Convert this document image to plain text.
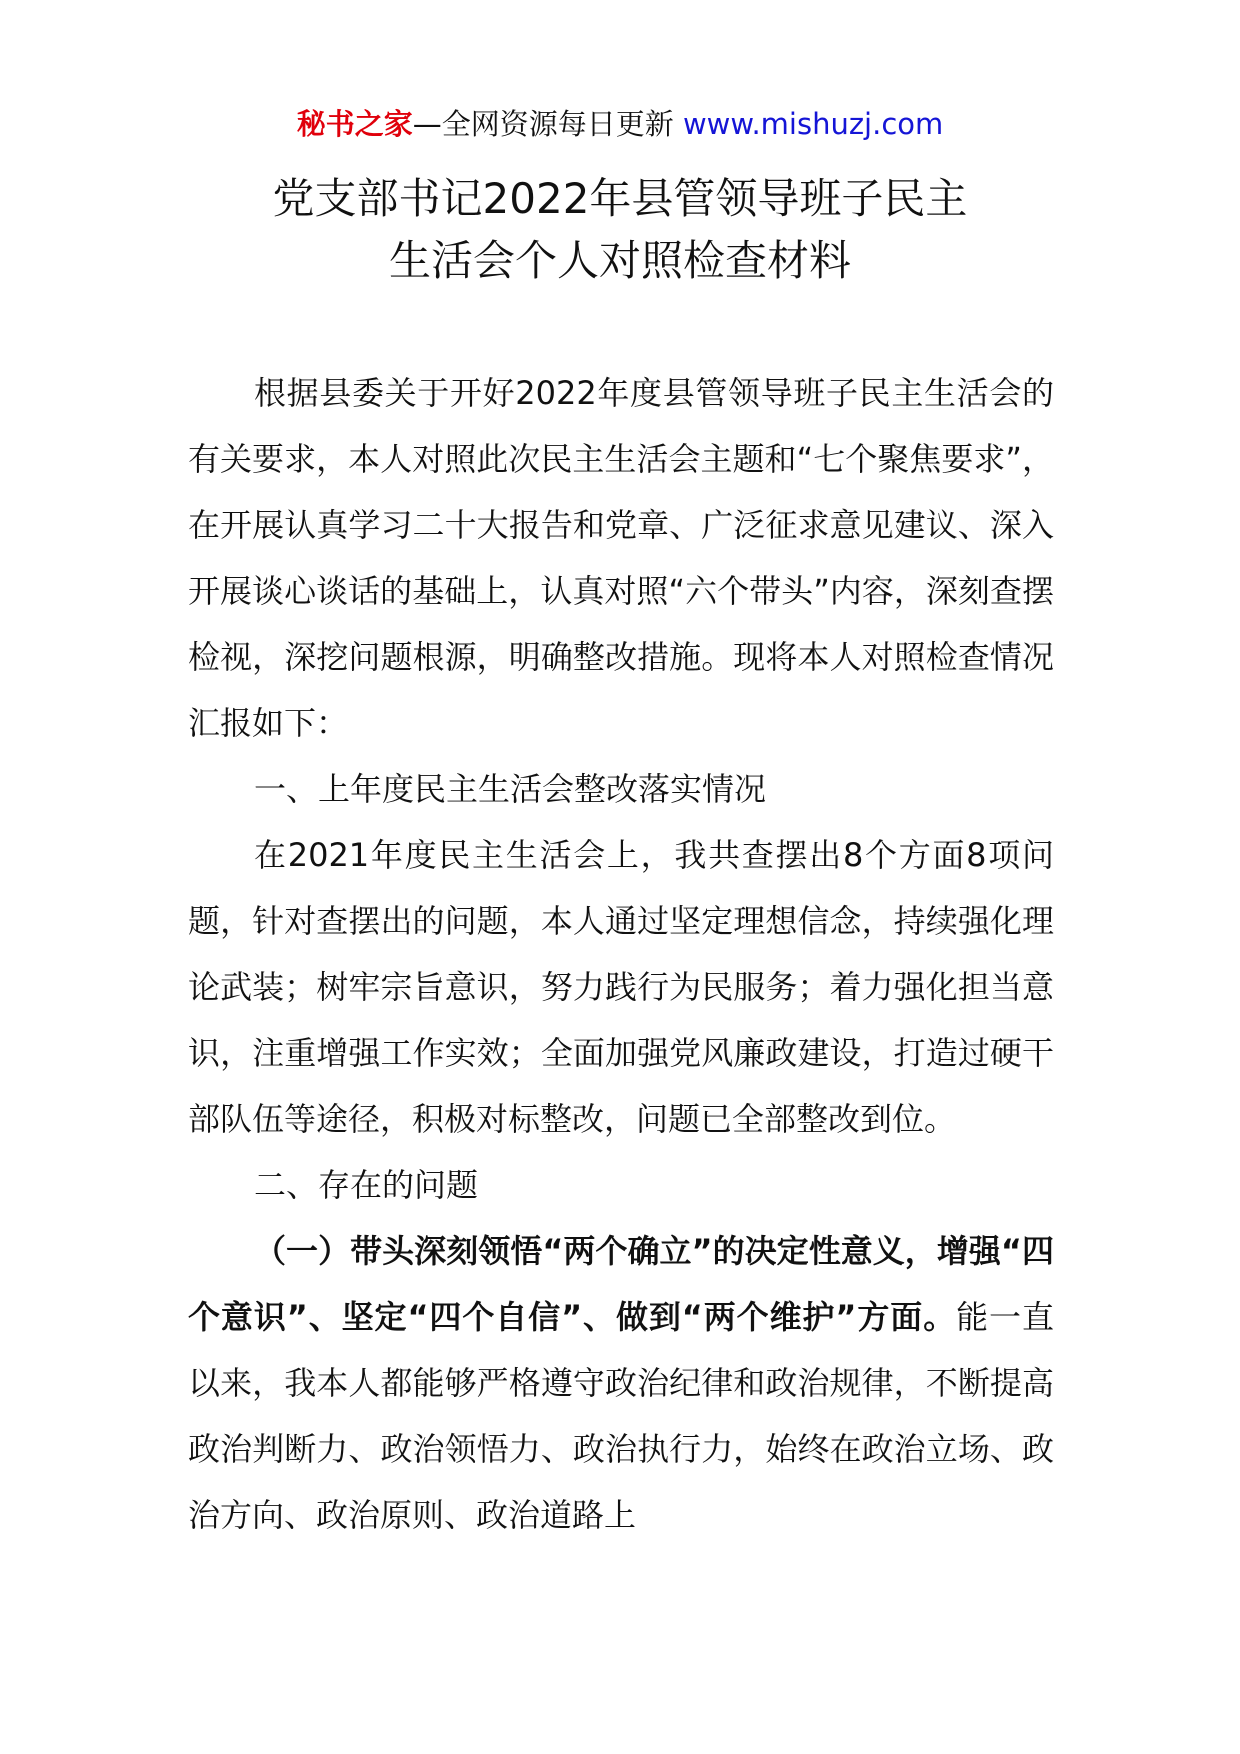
秘书之家—全网资源每日更新 www.mishuzj.com
党支部书记2022年县管领导班子民主
生活会个人对照检查材料

根据县委关于开好2022年度县管领导班子民主生活会的有关要求，本人对照此次民主生活会主题和“七个聚焦要求”，在开展认真学习二十大报告和党章、广泛征求意见建议、深入开展谈心谈话的基础上，认真对照“六个带头”内容，深刻查摆检视，深挖问题根源，明确整改措施。现将本人对照检查情况汇报如下：

一、上年度民主生活会整改落实情况

在2021年度民主生活会上，我共查摆出8个方面8项问题，针对查摆出的问题，本人通过坚定理想信念，持续强化理论武装；树牢宗旨意识，努力践行为民服务；着力强化担当意识，注重增强工作实效；全面加强党风廉政建设，打造过硬干部队伍等途径，积极对标整改，问题已全部整改到位。

二、存在的问题

（一）带头深刻领悟“两个确立”的决定性意义，增强“四个意识”、坚定“四个自信”、做到“两个维护”方面。能一直以来，我本人都能够严格遵守政治纪律和政治规律，不断提高政治判断力、政治领悟力、政治执行力，始终在政治立场、政治方向、政治原则、政治道路上
